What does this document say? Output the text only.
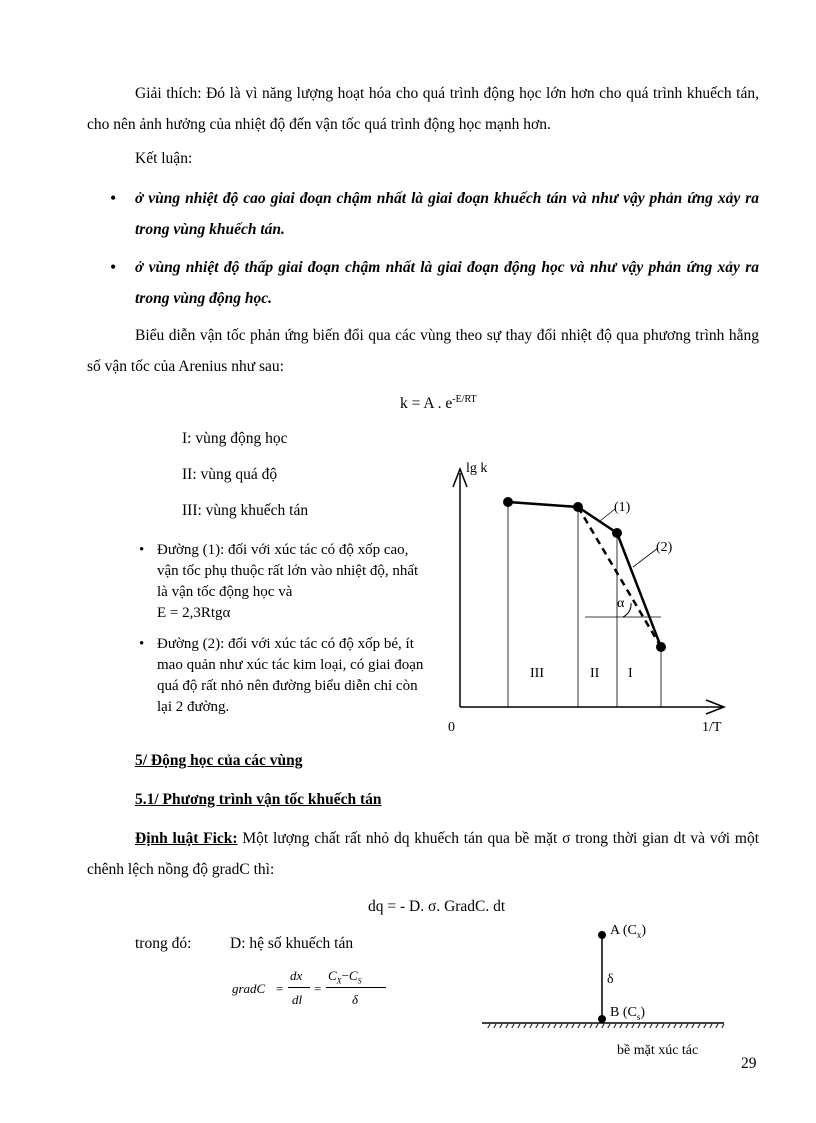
Giải thích: Đó là vì năng lượng hoạt hóa cho quá trình động học lớn hơn cho quá trình khuếch tán, cho nên ảnh hưởng của nhiệt độ đến vận tốc quá trình động học mạnh hơn.
Kết luận:
• ở vùng nhiệt độ cao giai đoạn chậm nhất là giai đoạn khuếch tán và như vậy phản ứng xảy ra trong vùng khuếch tán.
• ở vùng nhiệt độ thấp giai đoạn chậm nhất là giai đoạn động học và như vậy phản ứng xảy ra trong vùng động học.
Biểu diễn vận tốc phản ứng biến đổi qua các vùng theo sự thay đổi nhiệt độ qua phương trình hằng số vận tốc của Arenius như sau:
k = A . $e^{-E/RT}$
I: vùng động học
II: vùng quá độ
III: vùng khuếch tán
• Đường (1): đối với xúc tác có độ xốp cao, vận tốc phụ thuộc rất lớn vào nhiệt độ, nhất là vận tốc động học và
E = 2,3Rtgα
• Đường (2): đối với xúc tác có độ xốp bé, ít mao quản như xúc tác kim loại, có giai đoạn quá độ rất nhỏ nên đường biểu diễn chỉ còn lại 2 đường.
lg k
1/T
0
α
(1)
(2)
III	II I
5/ Động học của các vùng
5.1/ Phương trình vận tốc khuếch tán
Định luật Fick: Một lượng chất rất nhỏ dq khuếch tán qua bề mặt σ trong thời gian dt và với một chênh lệch nồng độ gradC thì:
dq = - D. σ. GradC. dt
trong đó: D: hệ số khuếch tán
gradC =
dx
dl
=
$C_X-C_S$
δ
A $(C_x)$
δ
B $(C_s)$
bề mặt xúc tác
29
